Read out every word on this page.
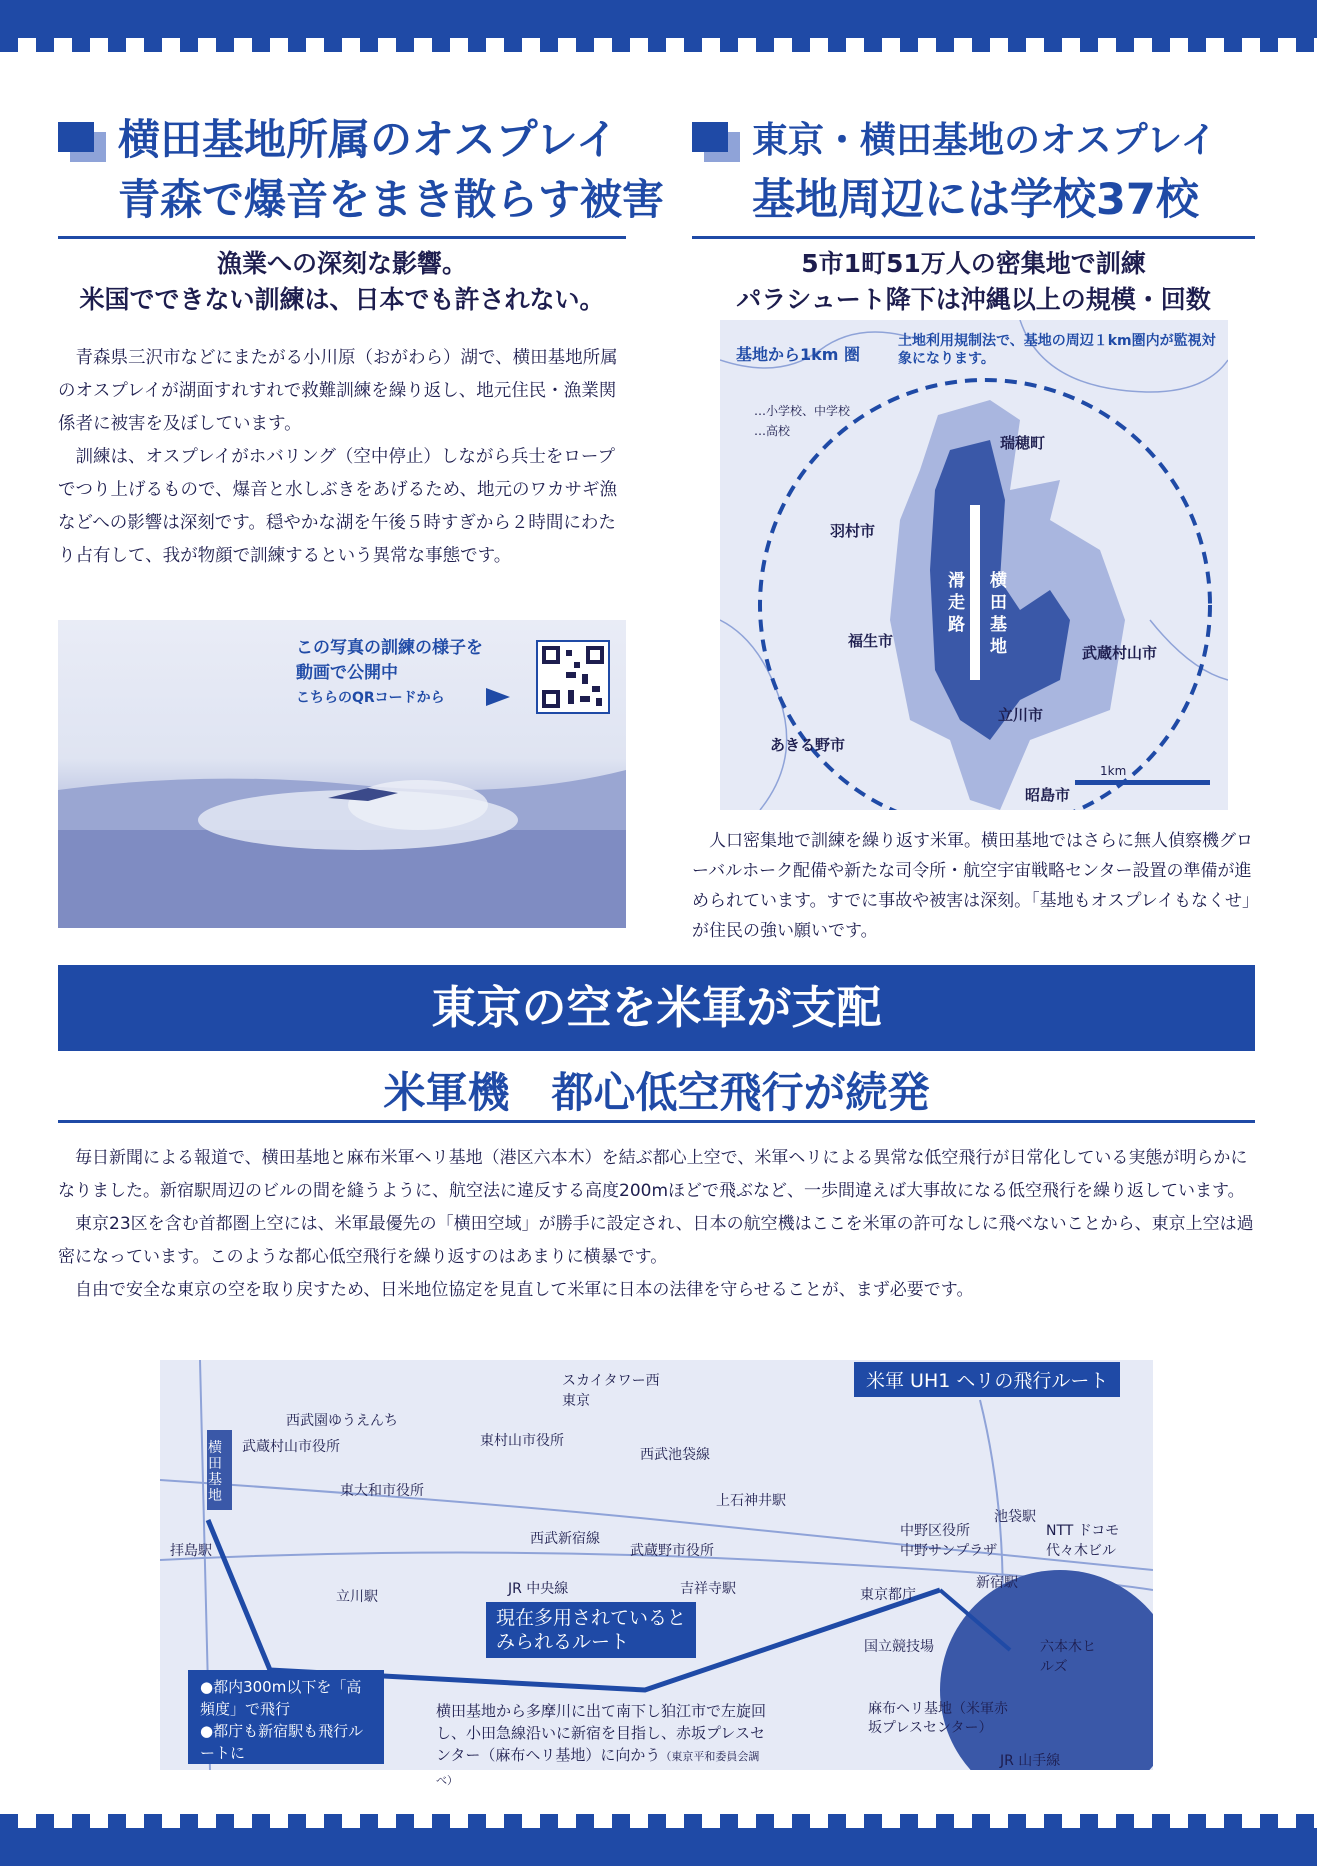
横田基地所属のオスプレイ
青森で爆音をまき散らす被害
漁業への深刻な影響。
米国でできない訓練は、日本でも許されない。

青森県三沢市などにまたがる小川原（おがわら）湖で、横田基地所属のオスプレイが湖面すれすれで救難訓練を繰り返し、地元住民・漁業関係者に被害を及ぼしています。

訓練は、オスプレイがホバリング（空中停止）しながら兵士をロープでつり上げるもので、爆音と水しぶきをあげるため、地元のワカサギ漁などへの影響は深刻です。穏やかな湖を午後５時すぎから２時間にわたり占有して、我が物顔で訓練するという異常な事態です。

この写真の訓練の様子を
動画で公開中
こちらのQRコードから
東京・横田基地のオスプレイ
基地周辺には学校37校
5市1町51万人の密集地で訓練
パラシュート降下は沖縄以上の規模・回数
基地から1km 圏
土地利用規制法で、基地の周辺１km圏内が監視対象になります。
…小学校、中学校
…高校
滑走路
横田基地
瑞穂町
羽村市
福生市
武蔵村山市
立川市
あきる野市
昭島市
1km

人口密集地で訓練を繰り返す米軍。横田基地ではさらに無人偵察機グローバルホーク配備や新たな司令所・航空宇宙戦略センター設置の準備が進められています。すでに事故や被害は深刻。「基地もオスプレイもなくせ」が住民の強い願いです。

東京の空を米軍が支配
米軍機　都心低空飛行が続発

毎日新聞による報道で、横田基地と麻布米軍ヘリ基地（港区六本木）を結ぶ都心上空で、米軍ヘリによる異常な低空飛行が日常化している実態が明らかになりました。新宿駅周辺のビルの間を縫うように、航空法に違反する高度200mほどで飛ぶなど、一歩間違えば大事故になる低空飛行を繰り返しています。

東京23区を含む首都圏上空には、米軍最優先の「横田空域」が勝手に設定され、日本の航空機はここを米軍の許可なしに飛べないことから、東京上空は過密になっています。このような都心低空飛行を繰り返すのはあまりに横暴です。

自由で安全な東京の空を取り戻すため、日米地位協定を見直して米軍に日本の法律を守らせることが、まず必要です。

米軍 UH1 ヘリの飛行ルート
現在多用されていると
みられるルート
●都内300m以下を「高頻度」で飛行
●都庁も新宿駅も飛行ルートに
横田基地から多摩川に出て南下し狛江市で左旋回し、小田急線沿いに新宿を目指し、赤坂プレスセンター（麻布ヘリ基地）に向かう（東京平和委員会調べ）
スカイタワー西東京
西武園ゆうえんち
武蔵村山市役所
東大和市役所
東村山市役所
西武池袋線
上石神井駅
西武新宿線
武蔵野市役所
拝島駅
立川駅	JR 中央線	吉祥寺駅
中野区役所
中野サンプラザ
池袋駅
NTT ドコモ代々木ビル
新宿駅
東京都庁
国立競技場	六本木ヒルズ
麻布ヘリ基地（米軍赤坂プレスセンター）
JR 山手線
横田基地
